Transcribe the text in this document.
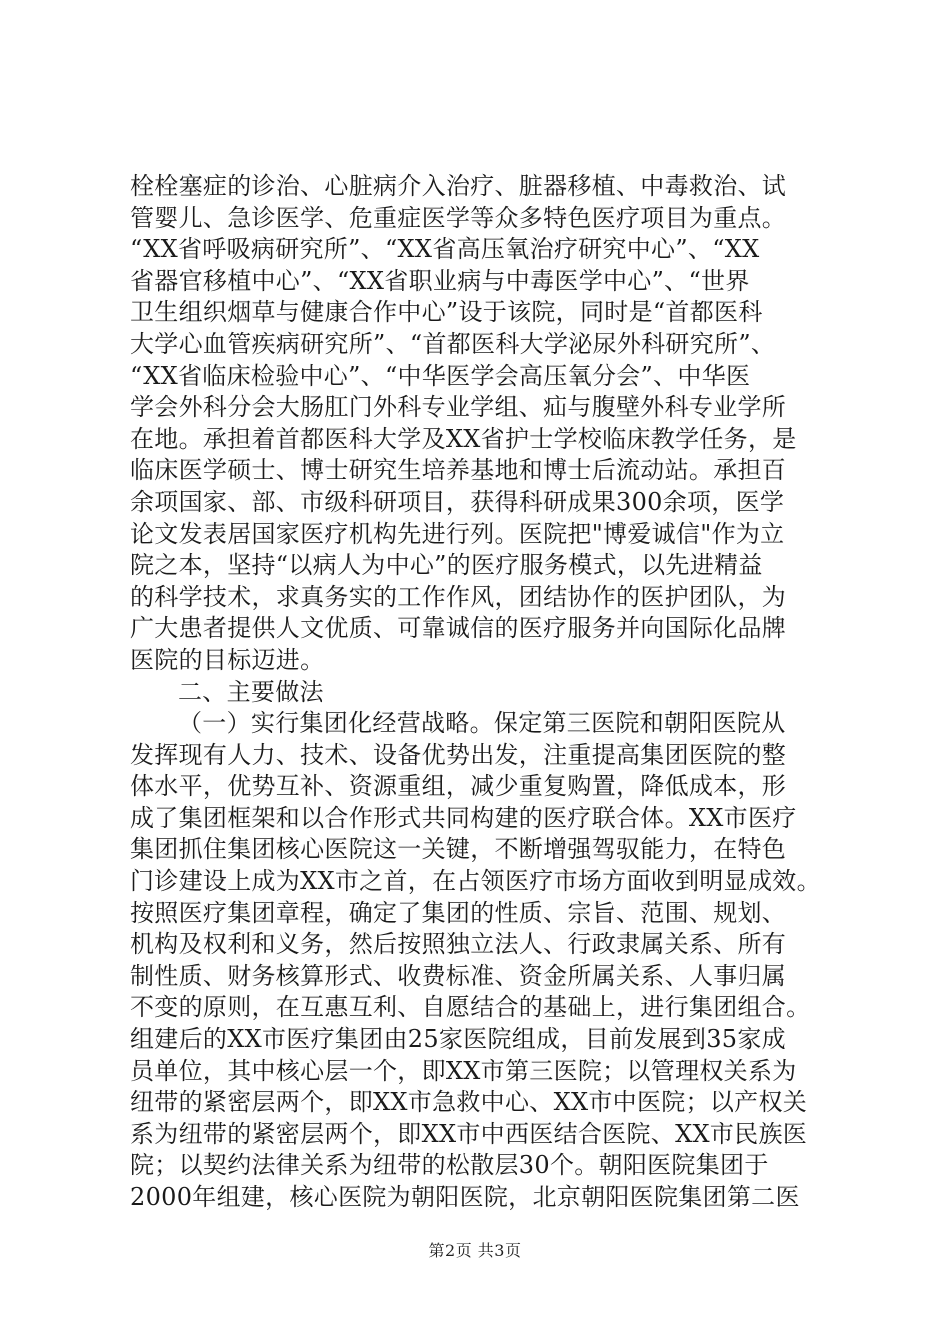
栓栓塞症的诊治、心脏病介入治疗、脏器移植、中毒救治、试
管婴儿、急诊医学、危重症医学等众多特色医疗项目为重点。
“XX省呼吸病研究所”、“XX省高压氧治疗研究中心”、“XX
省器官移植中心”、“XX省职业病与中毒医学中心”、“世界
卫生组织烟草与健康合作中心”设于该院，同时是“首都医科
大学心血管疾病研究所”、“首都医科大学泌尿外科研究所”、
“XX省临床检验中心”、“中华医学会高压氧分会”、中华医
学会外科分会大肠肛门外科专业学组、疝与腹壁外科专业学所
在地。承担着首都医科大学及XX省护士学校临床教学任务，是
临床医学硕士、博士研究生培养基地和博士后流动站。承担百
余项国家、部、市级科研项目，获得科研成果300余项，医学
论文发表居国家医疗机构先进行列。医院把"博爱诚信"作为立
院之本，坚持“以病人为中心”的医疗服务模式，以先进精益
的科学技术，求真务实的工作作风，团结协作的医护团队，为
广大患者提供人文优质、可靠诚信的医疗服务并向国际化品牌
医院的目标迈进。
二、主要做法
（一）实行集团化经营战略。保定第三医院和朝阳医院从
发挥现有人力、技术、设备优势出发，注重提高集团医院的整
体水平，优势互补、资源重组，减少重复购置，降低成本，形
成了集团框架和以合作形式共同构建的医疗联合体。XX市医疗
集团抓住集团核心医院这一关键，不断增强驾驭能力，在特色
门诊建设上成为XX市之首，在占领医疗市场方面收到明显成效。
按照医疗集团章程，确定了集团的性质、宗旨、范围、规划、
机构及权利和义务，然后按照独立法人、行政隶属关系、所有
制性质、财务核算形式、收费标准、资金所属关系、人事归属
不变的原则，在互惠互利、自愿结合的基础上，进行集团组合。
组建后的XX市医疗集团由25家医院组成，目前发展到35家成
员单位，其中核心层一个，即XX市第三医院；以管理权关系为
纽带的紧密层两个，即XX市急救中心、XX市中医院；以产权关
系为纽带的紧密层两个，即XX市中西医结合医院、XX市民族医
院；以契约法律关系为纽带的松散层30个。朝阳医院集团于
2000年组建，核心医院为朝阳医院，北京朝阳医院集团第二医
第2页 共3页
